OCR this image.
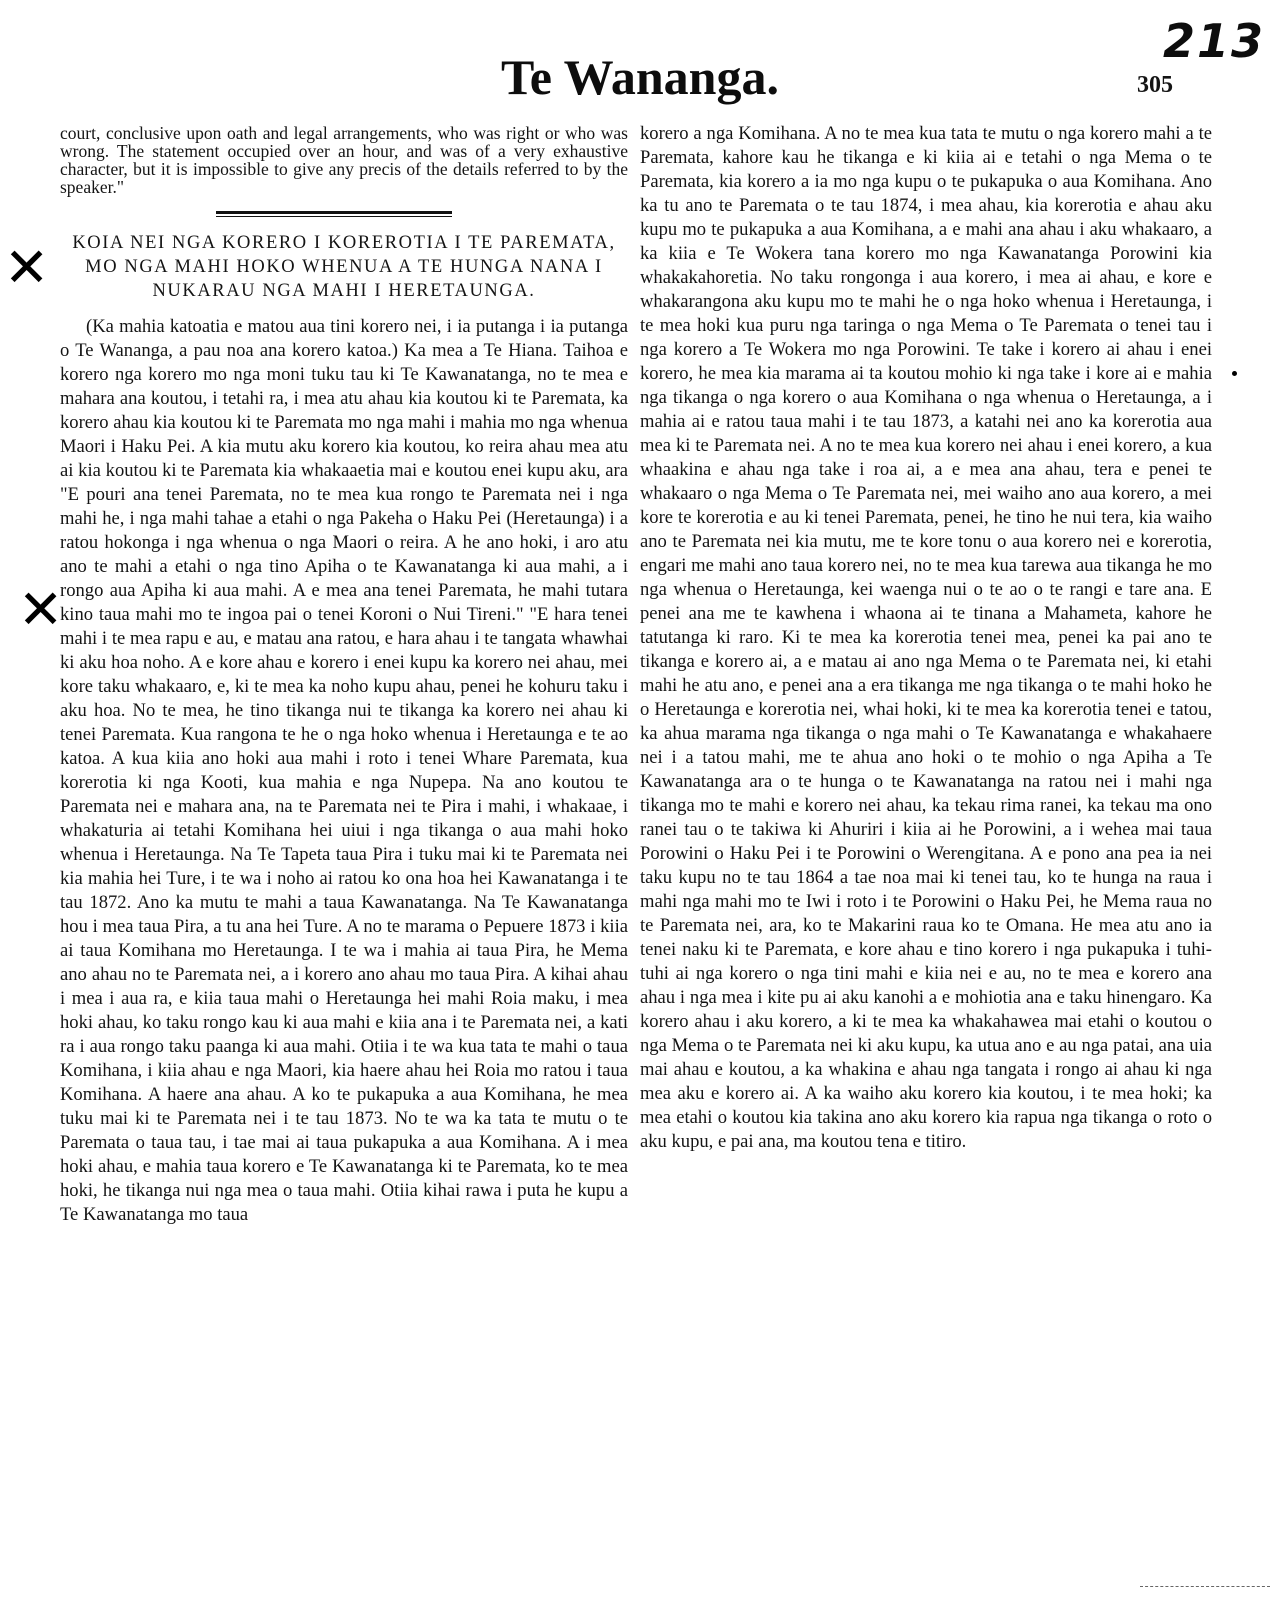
213
Te Wananga.	305
✕
✕

court, conclusive upon oath and legal arrangements, who was right or who was wrong. The statement occupied over an hour, and was of a very exhaustive character, but it is impossible to give any precis of the details referred to by the speaker."

KOIA NEI NGA KORERO I KOREROTIA I TE PAREMATA, MO NGA MAHI HOKO WHENUA A TE HUNGA NANA I NUKARAU NGA MAHI I HERETAUNGA.

(Ka mahia katoatia e matou aua tini korero nei, i ia putanga i ia putanga o Te Wananga, a pau noa ana korero katoa.) Ka mea a Te Hiana. Taihoa e korero nga korero mo nga moni tuku tau ki Te Kawanatanga, no te mea e mahara ana koutou, i tetahi ra, i mea atu ahau kia koutou ki te Paremata, ka korero ahau kia koutou ki te Paremata mo nga mahi i mahia mo nga whenua Maori i Haku Pei. A kia mutu aku korero kia koutou, ko reira ahau mea atu ai kia koutou ki te Paremata kia whakaaetia mai e koutou enei kupu aku, ara "E pouri ana tenei Paremata, no te mea kua rongo te Paremata nei i nga mahi he, i nga mahi tahae a etahi o nga Pakeha o Haku Pei (Heretaunga) i a ratou hokonga i nga whenua o nga Maori o reira. A he ano hoki, i aro atu ano te mahi a etahi o nga tino Apiha o te Kawanatanga ki aua mahi, a i rongo aua Apiha ki aua mahi. A e mea ana tenei Paremata, he mahi tutara kino taua mahi mo te ingoa pai o tenei Koroni o Nui Tireni." "E hara tenei mahi i te mea rapu e au, e matau ana ratou, e hara ahau i te tangata whawhai ki aku hoa noho. A e kore ahau e korero i enei kupu ka korero nei ahau, mei kore taku whakaaro, e, ki te mea ka noho kupu ahau, penei he kohuru taku i aku hoa. No te mea, he tino tikanga nui te tikanga ka korero nei ahau ki tenei Paremata. Kua rangona te he o nga hoko whenua i Heretaunga e te ao katoa. A kua kiia ano hoki aua mahi i roto i tenei Whare Paremata, kua korerotia ki nga Kooti, kua mahia e nga Nupepa. Na ano koutou te Paremata nei e mahara ana, na te Paremata nei te Pira i mahi, i whakaae, i whakaturia ai tetahi Komihana hei uiui i nga tikanga o aua mahi hoko whenua i Heretaunga. Na Te Tapeta taua Pira i tuku mai ki te Paremata nei kia mahia hei Ture, i te wa i noho ai ratou ko ona hoa hei Kawanatanga i te tau 1872. Ano ka mutu te mahi a taua Kawanatanga. Na Te Kawanatanga hou i mea taua Pira, a tu ana hei Ture. A no te marama o Pepuere 1873 i kiia ai taua Komihana mo Heretaunga. I te wa i mahia ai taua Pira, he Mema ano ahau no te Paremata nei, a i korero ano ahau mo taua Pira. A kihai ahau i mea i aua ra, e kiia taua mahi o Heretaunga hei mahi Roia maku, i mea hoki ahau, ko taku rongo kau ki aua mahi e kiia ana i te Paremata nei, a kati ra i aua rongo taku paanga ki aua mahi. Otiia i te wa kua tata te mahi o taua Komihana, i kiia ahau e nga Maori, kia haere ahau hei Roia mo ratou i taua Komihana. A haere ana ahau. A ko te pukapuka a aua Komihana, he mea tuku mai ki te Paremata nei i te tau 1873. No te wa ka tata te mutu o te Paremata o taua tau, i tae mai ai taua pukapuka a aua Komihana. A i mea hoki ahau, e mahia taua korero e Te Kawanatanga ki te Paremata, ko te mea hoki, he tikanga nui nga mea o taua mahi. Otiia kihai rawa i puta he kupu a Te Kawanatanga mo taua

korero a nga Komihana. A no te mea kua tata te mutu o nga korero mahi a te Paremata, kahore kau he tikanga e ki kiia ai e tetahi o nga Mema o te Paremata, kia korero a ia mo nga kupu o te pukapuka o aua Komihana. Ano ka tu ano te Paremata o te tau 1874, i mea ahau, kia korerotia e ahau aku kupu mo te pukapuka a aua Komihana, a e mahi ana ahau i aku whakaaro, a ka kiia e Te Wokera tana korero mo nga Kawanatanga Porowini kia whakakahoretia. No taku rongonga i aua korero, i mea ai ahau, e kore e whakarangona aku kupu mo te mahi he o nga hoko whenua i Heretaunga, i te mea hoki kua puru nga taringa o nga Mema o Te Paremata o tenei tau i nga korero a Te Wokera mo nga Porowini. Te take i korero ai ahau i enei korero, he mea kia marama ai ta koutou mohio ki nga take i kore ai e mahia nga tikanga o nga korero o aua Komihana o nga whenua o Heretaunga, a i mahia ai e ratou taua mahi i te tau 1873, a katahi nei ano ka korerotia aua mea ki te Paremata nei. A no te mea kua korero nei ahau i enei korero, a kua whaakina e ahau nga take i roa ai, a e mea ana ahau, tera e penei te whakaaro o nga Mema o Te Paremata nei, mei waiho ano aua korero, a mei kore te korerotia e au ki tenei Paremata, penei, he tino he nui tera, kia waiho ano te Paremata nei kia mutu, me te kore tonu o aua korero nei e korerotia, engari me mahi ano taua korero nei, no te mea kua tarewa aua tikanga he mo nga whenua o Heretaunga, kei waenga nui o te ao o te rangi e tare ana. E penei ana me te kawhena i whaona ai te tinana a Mahameta, kahore he tatutanga ki raro. Ki te mea ka korerotia tenei mea, penei ka pai ano te tikanga e korero ai, a e matau ai ano nga Mema o te Paremata nei, ki etahi mahi he atu ano, e penei ana a era tikanga me nga tikanga o te mahi hoko he o Heretaunga e korerotia nei, whai hoki, ki te mea ka korerotia tenei e tatou, ka ahua marama nga tikanga o nga mahi o Te Kawanatanga e whakahaere nei i a tatou mahi, me te ahua ano hoki o te mohio o nga Apiha a Te Kawanatanga ara o te hunga o te Kawanatanga na ratou nei i mahi nga tikanga mo te mahi e korero nei ahau, ka tekau rima ranei, ka tekau ma ono ranei tau o te takiwa ki Ahuriri i kiia ai he Porowini, a i wehea mai taua Porowini o Haku Pei i te Porowini o Werengitana. A e pono ana pea ia nei taku kupu no te tau 1864 a tae noa mai ki tenei tau, ko te hunga na raua i mahi nga mahi mo te Iwi i roto i te Porowini o Haku Pei, he Mema raua no te Paremata nei, ara, ko te Makarini raua ko te Omana. He mea atu ano ia tenei naku ki te Paremata, e kore ahau e tino korero i nga pukapuka i tuhi-tuhi ai nga korero o nga tini mahi e kiia nei e au, no te mea e korero ana ahau i nga mea i kite pu ai aku kanohi a e mohiotia ana e taku hinengaro. Ka korero ahau i aku korero, a ki te mea ka whakahawea mai etahi o koutou o nga Mema o te Paremata nei ki aku kupu, ka utua ano e au nga patai, ana uia mai ahau e koutou, a ka whakina e ahau nga tangata i rongo ai ahau ki nga mea aku e korero ai. A ka waiho aku korero kia koutou, i te mea hoki; ka mea etahi o koutou kia takina ano aku korero kia rapua nga tikanga o roto o aku kupu, e pai ana, ma koutou tena e titiro.
